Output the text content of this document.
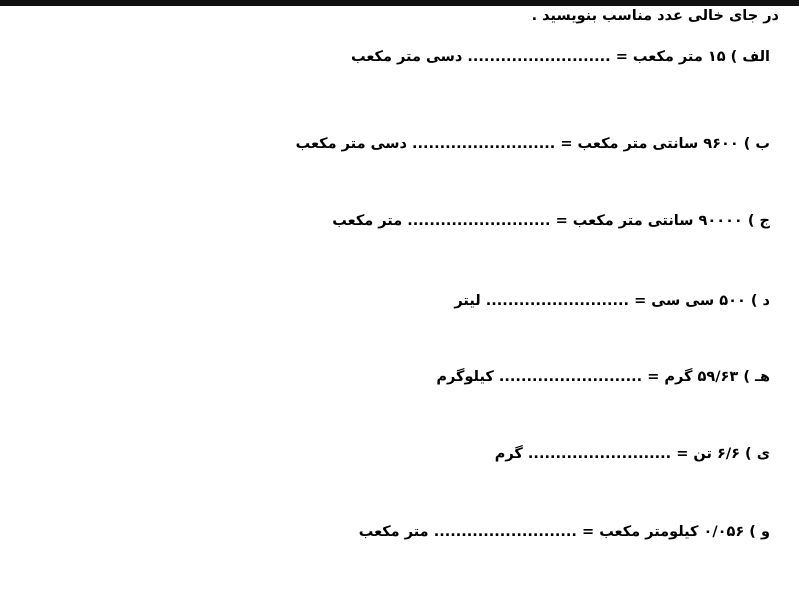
در جای خالی عدد مناسب بنویسید .
الف ) ۱۵ متر مکعب = .......................... دسی متر مکعب
ب ) ۹۶۰۰ سانتی متر مکعب = .......................... دسی متر مکعب
ج ) ۹۰۰۰۰ سانتی متر مکعب = .......................... متر مکعب
د ) ۵۰۰ سی سی = .......................... لیتر
هـ ) ۵۹/۶۳ گرم = .......................... کیلوگرم
ی ) ۶/۶ تن = .......................... گرم
و ) ۰/۰۵۶ کیلومتر مکعب = .......................... متر مکعب
